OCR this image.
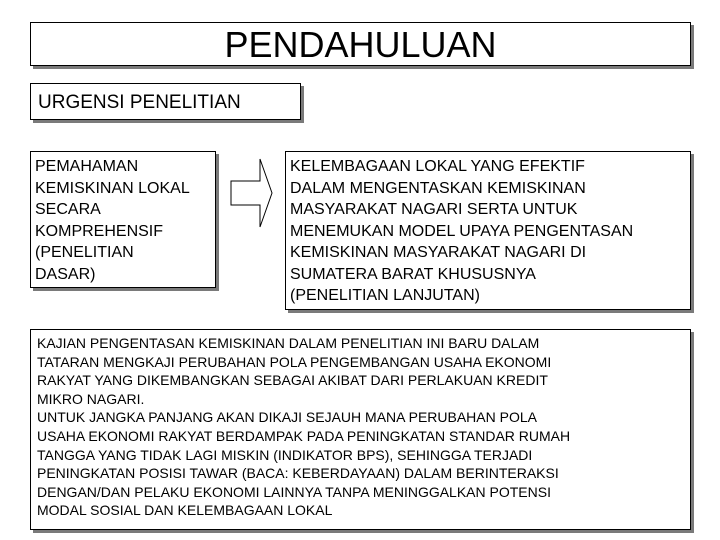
PENDAHULUAN
URGENSI PENELITIAN
PEMAHAMAN
KEMISKINAN LOKAL
SECARA
KOMPREHENSIF
(PENELITIAN
DASAR)
KELEMBAGAAN LOKAL YANG EFEKTIF
DALAM MENGENTASKAN KEMISKINAN
MASYARAKAT NAGARI SERTA UNTUK
MENEMUKAN MODEL UPAYA PENGENTASAN
KEMISKINAN MASYARAKAT NAGARI DI
SUMATERA BARAT KHUSUSNYA
(PENELITIAN LANJUTAN)
KAJIAN PENGENTASAN KEMISKINAN DALAM PENELITIAN INI BARU DALAM
TATARAN MENGKAJI PERUBAHAN POLA PENGEMBANGAN USAHA EKONOMI
RAKYAT YANG DIKEMBANGKAN SEBAGAI AKIBAT DARI PERLAKUAN KREDIT
MIKRO NAGARI.
UNTUK JANGKA PANJANG AKAN DIKAJI SEJAUH MANA PERUBAHAN POLA
USAHA EKONOMI RAKYAT BERDAMPAK PADA PENINGKATAN STANDAR RUMAH
TANGGA YANG TIDAK LAGI MISKIN (INDIKATOR BPS), SEHINGGA TERJADI
PENINGKATAN POSISI TAWAR (BACA: KEBERDAYAAN) DALAM BERINTERAKSI
DENGAN/DAN PELAKU EKONOMI LAINNYA TANPA MENINGGALKAN POTENSI
MODAL SOSIAL DAN KELEMBAGAAN LOKAL
